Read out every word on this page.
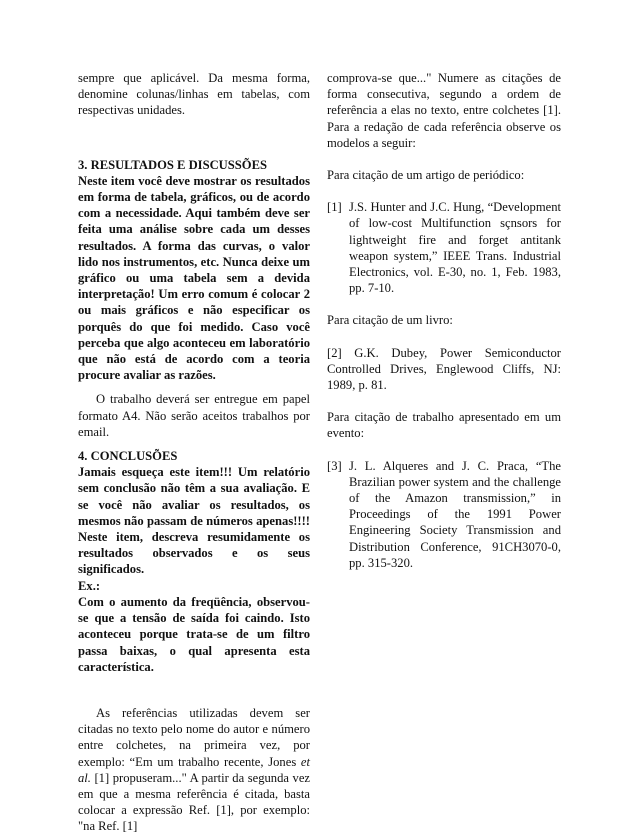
sempre que aplicável. Da mesma forma, denomine colunas/linhas em tabelas, com respectivas unidades.

3. RESULTADOS E DISCUSSÕES

Neste item você deve mostrar os resultados em forma de tabela, gráficos, ou de acordo com a necessidade. Aqui também deve ser feita uma análise sobre cada um desses resultados. A forma das curvas, o valor lido nos instrumentos, etc. Nunca deixe um gráfico ou uma tabela sem a devida interpretação! Um erro comum é colocar 2 ou mais gráficos e não especificar os porquês do que foi medido. Caso você perceba que algo aconteceu em laboratório que não está de acordo com a teoria procure avaliar as razões.

O trabalho deverá ser entregue em papel formato A4. Não serão aceitos trabalhos por email.

4. CONCLUSÕES

Jamais esqueça este item!!! Um relatório sem conclusão não têm a sua avaliação. E se você não avaliar os resultados, os mesmos não passam de números apenas!!!! Neste item, descreva resumidamente os resultados observados e os seus significados.

Ex.:

Com o aumento da freqüência, observou-se que a tensão de saída foi caindo. Isto aconteceu porque trata-se de um filtro passa baixas, o qual apresenta esta característica.

As referências utilizadas devem ser citadas no texto pelo nome do autor e número entre colchetes, na primeira vez, por exemplo: “Em um trabalho recente, Jones et al. [1] propuseram..." A partir da segunda vez em que a mesma referência é citada, basta colocar a expressão Ref. [1], por exemplo: "na Ref. [1]

comprova-se que..." Numere as citações de forma consecutiva, segundo a ordem de referência a elas no texto, entre colchetes [1]. Para a redação de cada referência observe os modelos a seguir:

Para citação de um artigo de periódico:

[1] J.S. Hunter and J.C. Hung, “Development of low-cost Multifunction sçnsors for lightweight fire and forget antitank weapon system,” IEEE Trans. Industrial Electronics, vol. E-30, no. 1, Feb. 1983, pp. 7-10.

Para citação de um livro:

[2] G.K. Dubey, Power Semiconductor Controlled Drives, Englewood Cliffs, NJ: 1989, p. 81.

Para citação de trabalho apresentado em um evento:

[3] J. L. Alqueres and J. C. Praca, “The Brazilian power system and the challenge of the Amazon transmission,” in Proceedings of the 1991 Power Engineering Society Transmission and Distribution Conference, 91CH3070-0, pp. 315-320.
